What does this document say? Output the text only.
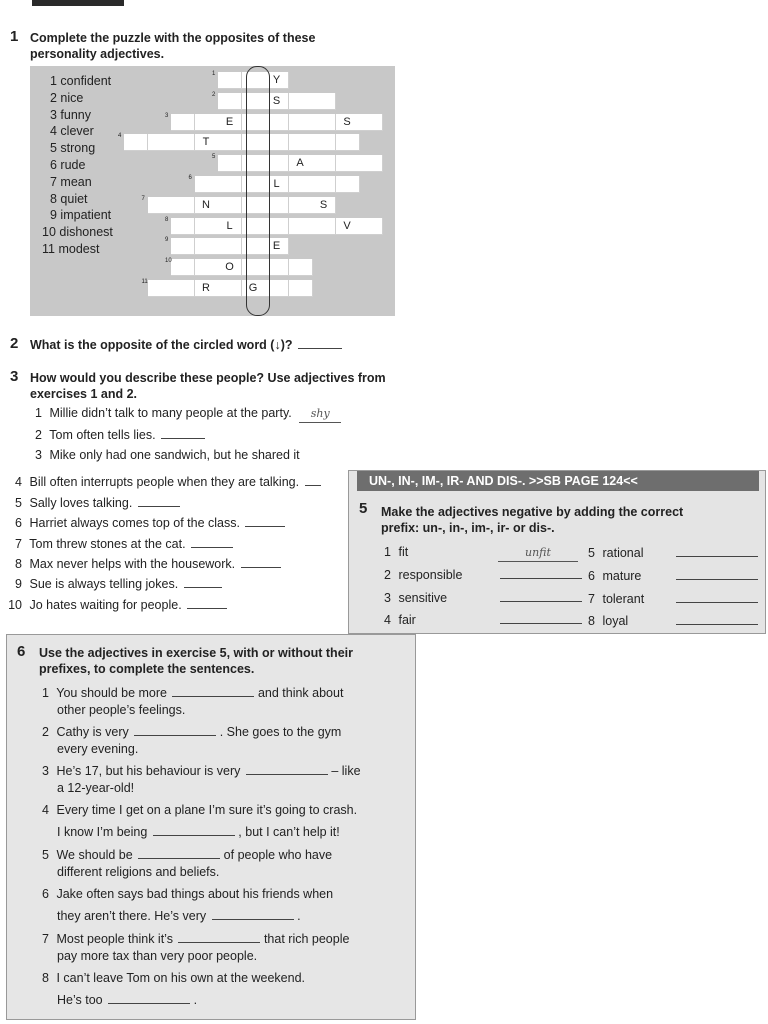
1 Complete the puzzle with the opposites of these
personality adjectives.
1 confident
2 nice
3 funny
4 clever
5 strong
6 rude
7 mean
8 quiet
9 impatient
10 dishonest
11 modest
1
2
3
4
5
6
7
8
9
10
11
Y
S
E	S
T
A
L
N	S
L	V
E
O
R	G
2 What is the opposite of the circled word (↓)?
3 How would you describe these people? Use adjectives from
exercises 1 and 2.
1 Millie didn’t talk to many people at the party. shy
2 Tom often tells lies.
3 Mike only had one sandwich, but he shared it
4 Bill often interrupts people when they are talking.
5 Sally loves talking.
6 Harriet always comes top of the class.
7 Tom threw stones at the cat.
8 Max never helps with the housework.
9 Sue is always telling jokes.
10 Jo hates waiting for people.
UN-, IN-, IM-, IR- AND DIS-. >>SB PAGE 124<<
5 Make the adjectives negative by adding the correct
prefix: un-, in-, im-, ir- or dis-.
1 fit	unfit
2 responsible
3 sensitive
4 fair
5 rational
6 mature
7 tolerant
8 loyal
6 Use the adjectives in exercise 5, with or without their
prefixes, to complete the sentences.
1 You should be more	and think about
other people’s feelings.
2 Cathy is very	. She goes to the gym
every evening.
3 He’s 17, but his behaviour is very	– like
a 12-year-old!
4 Every time I get on a plane I’m sure it’s going to crash.
I know I’m being	, but I can’t help it!
5 We should be	of people who have
different religions and beliefs.
6 Jake often says bad things about his friends when
they aren’t there. He’s very	.
7 Most people think it’s	that rich people
pay more tax than very poor people.
8 I can’t leave Tom on his own at the weekend.
He’s too	.
